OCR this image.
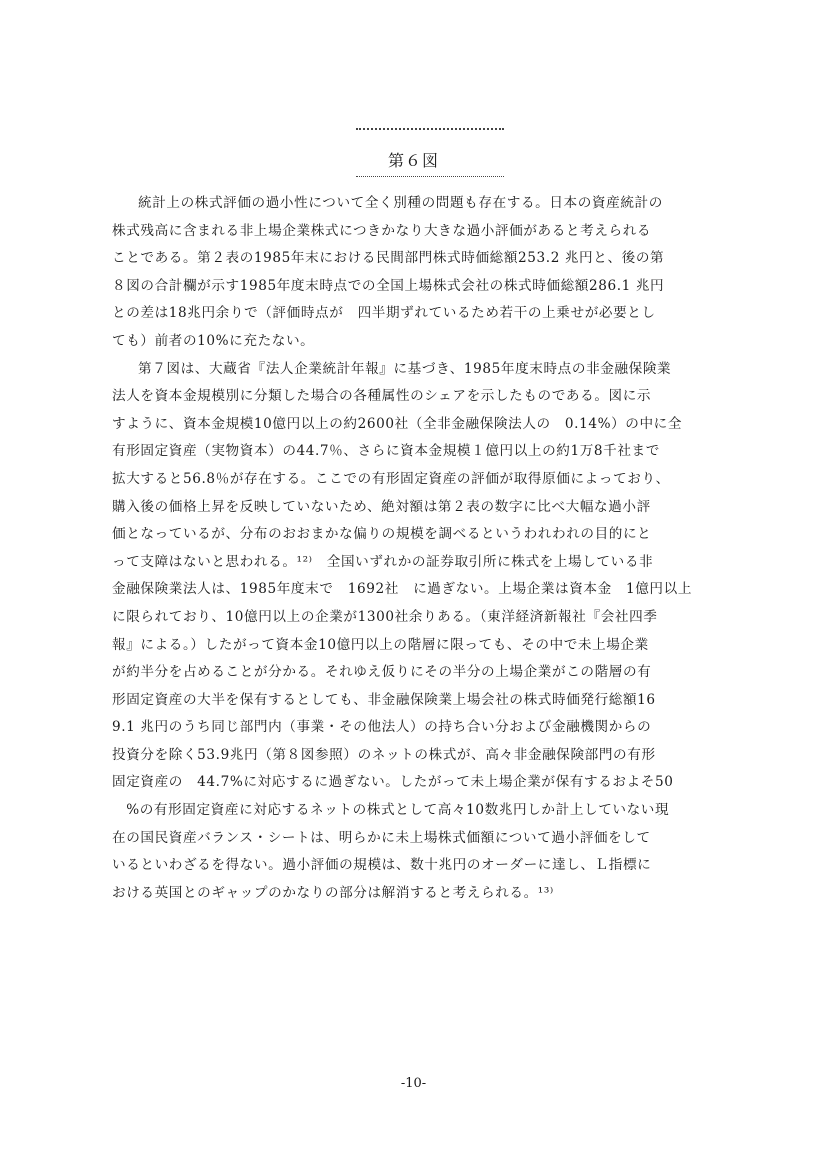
第６図
統計上の株式評価の過小性について全く別種の問題も存在する。日本の資産統計の
株式残高に含まれる非上場企業株式につきかなり大きな過小評価があると考えられる
ことである。第２表の1985年末における民間部門株式時価総額253.2 兆円と、後の第
８図の合計欄が示す1985年度末時点での全国上場株式会社の株式時価総額286.1 兆円
との差は18兆円余りで（評価時点が　四半期ずれているため若干の上乗せが必要とし
ても）前者の10%に充たない。
第７図は、大蔵省『法人企業統計年報』に基づき、1985年度末時点の非金融保険業
法人を資本金規模別に分類した場合の各種属性のシェアを示したものである。図に示
すように、資本金規模10億円以上の約2600社（全非金融保険法人の　0.14%）の中に全
有形固定資産（実物資本）の44.7％、さらに資本金規模１億円以上の約1万8千社まで
拡大すると56.8％が存在する。ここでの有形固定資産の評価が取得原価によっており、
購入後の価格上昇を反映していないため、絶対額は第２表の数字に比べ大幅な過小評
価となっているが、分布のおおまかな偏りの規模を調べるというわれわれの目的にと
って支障はないと思われる。¹²⁾　全国いずれかの証券取引所に株式を上場している非
金融保険業法人は、1985年度末で　1692社　に過ぎない。上場企業は資本金　1億円以上
に限られており、10億円以上の企業が1300社余りある。（東洋経済新報社『会社四季
報』による。）したがって資本金10億円以上の階層に限っても、その中で未上場企業
が約半分を占めることが分かる。それゆえ仮りにその半分の上場企業がこの階層の有
形固定資産の大半を保有するとしても、非金融保険業上場会社の株式時価発行総額16
9.1 兆円のうち同じ部門内（事業・その他法人）の持ち合い分および金融機関からの
投資分を除く53.9兆円（第８図参照）のネットの株式が、高々非金融保険部門の有形
固定資産の　44.7%に対応するに過ぎない。したがって未上場企業が保有するおよそ50
　%の有形固定資産に対応するネットの株式として高々10数兆円しか計上していない現
在の国民資産バランス・シートは、明らかに未上場株式価額について過小評価をして
いるといわざるを得ない。過小評価の規模は、数十兆円のオーダーに達し、Ｌ指標に
おける英国とのギャップのかなりの部分は解消すると考えられる。¹³⁾
-10-
